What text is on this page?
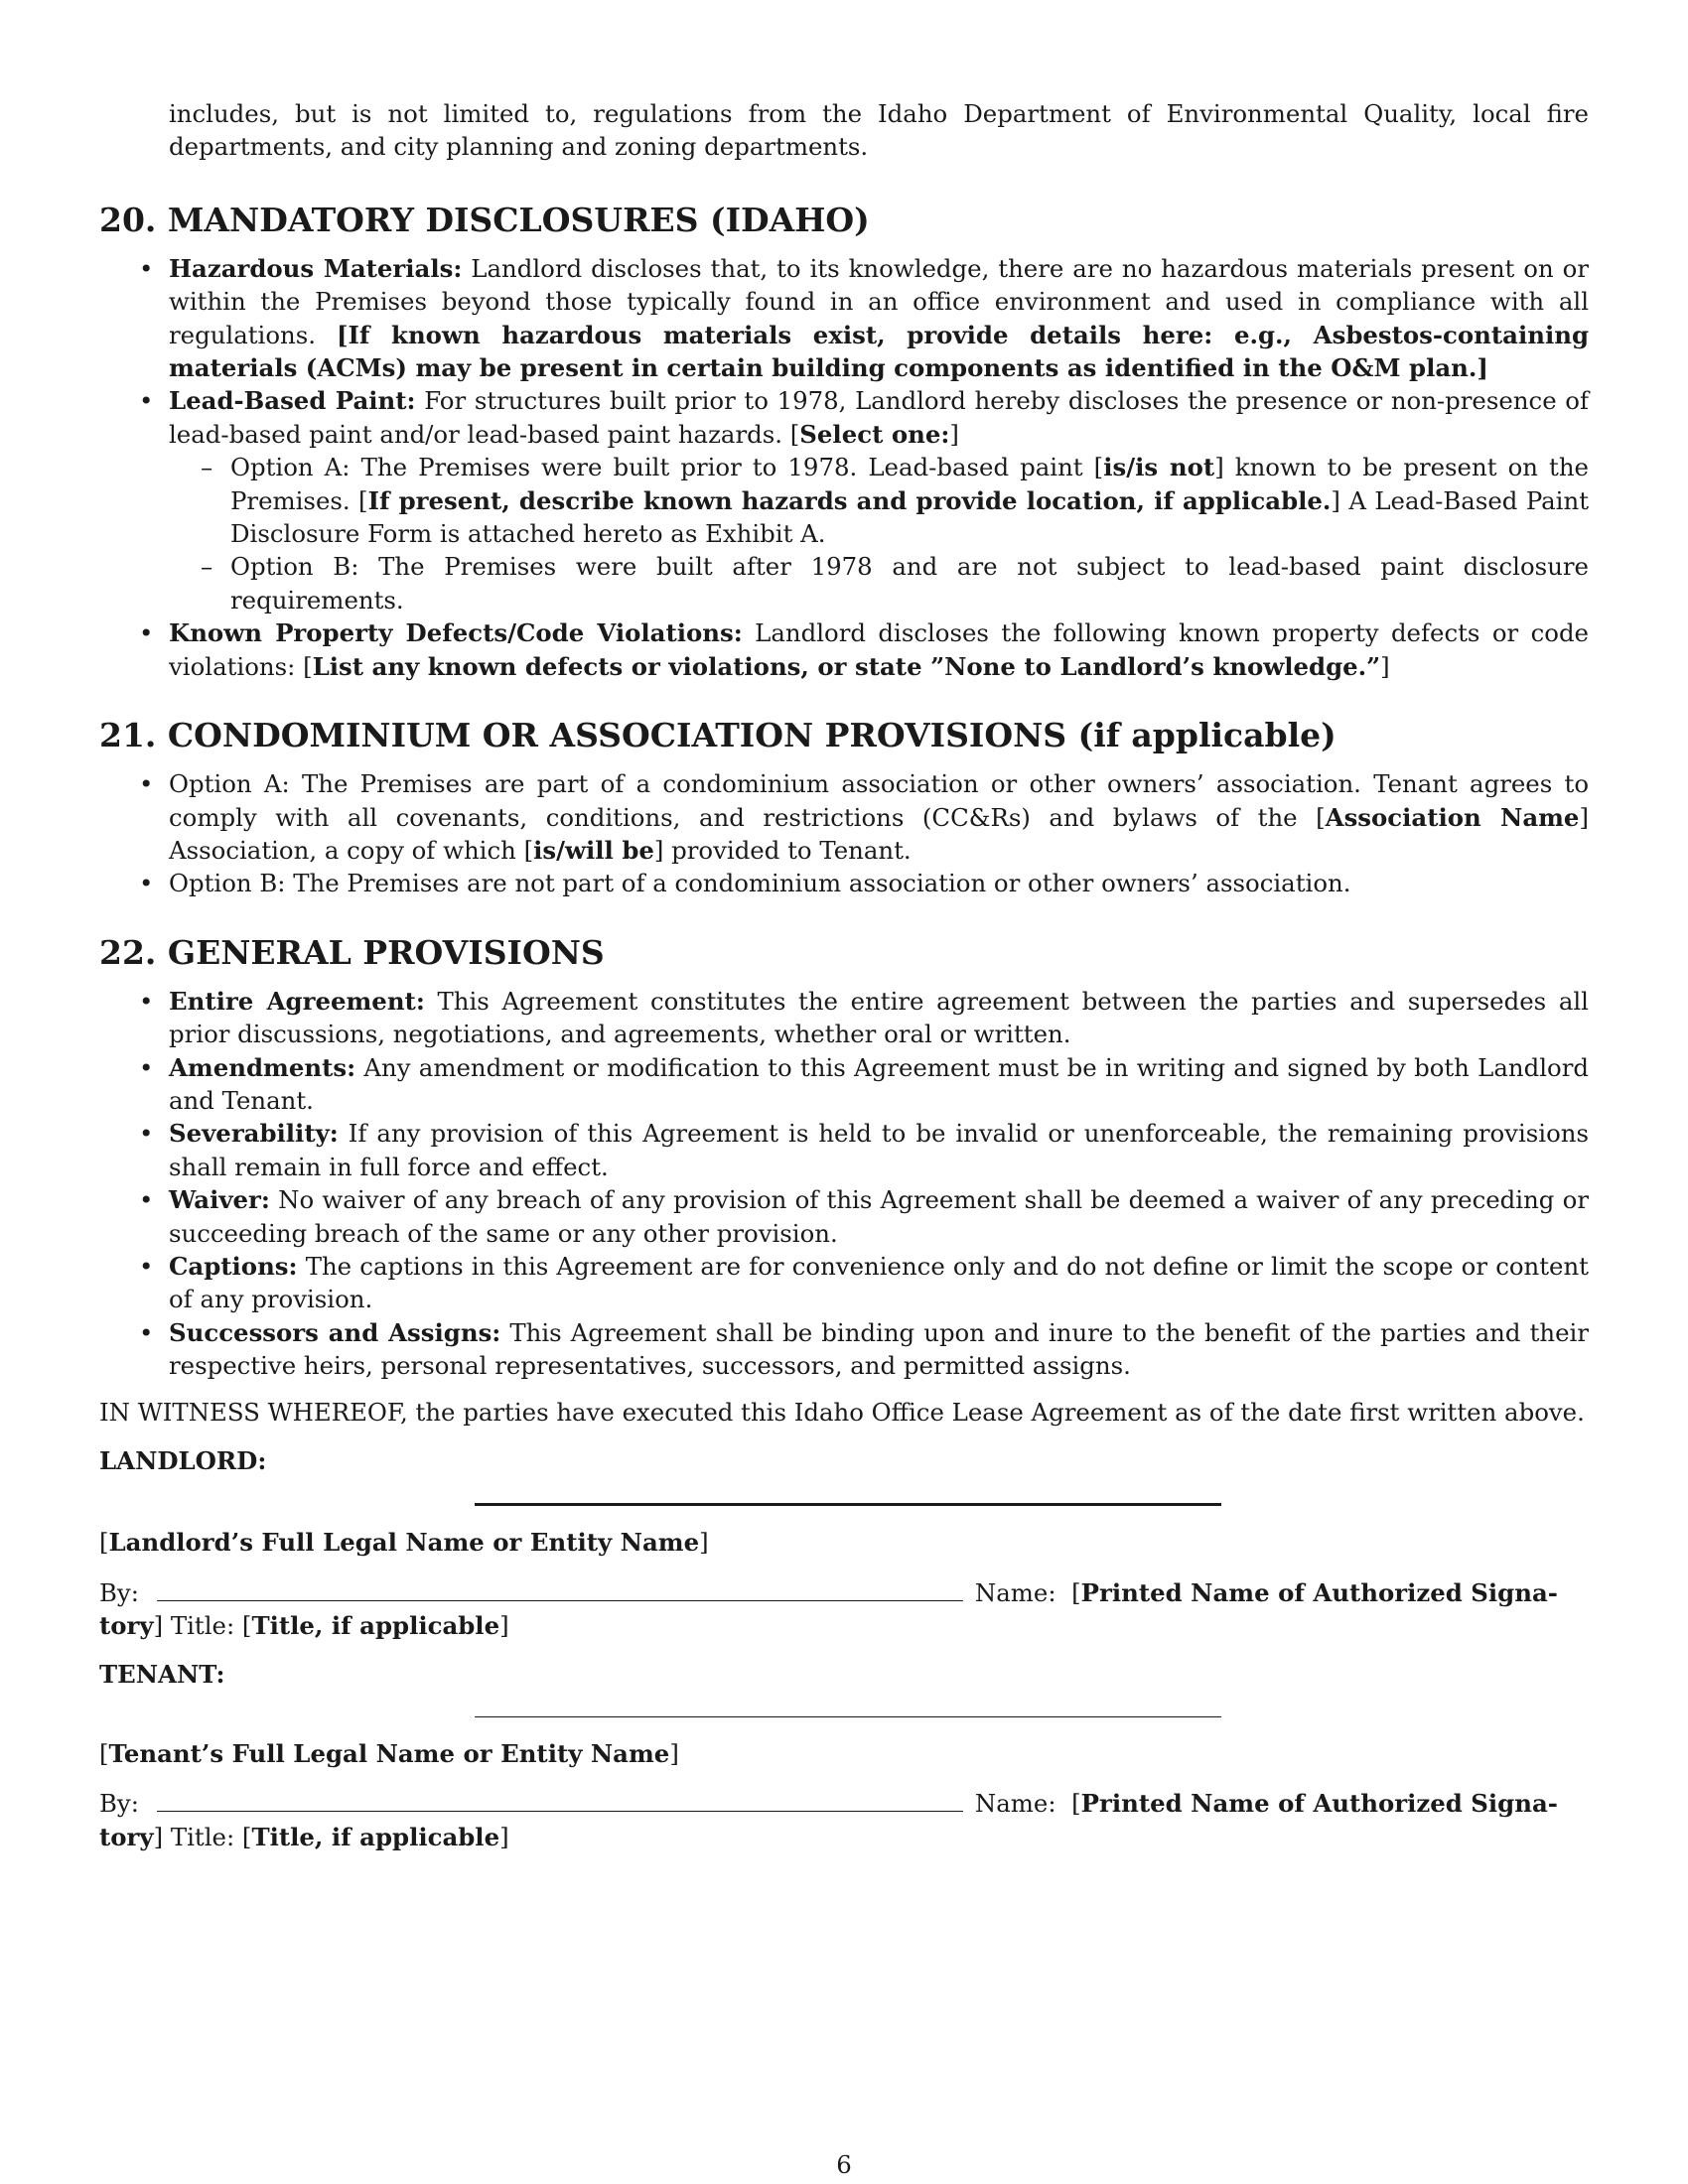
includes, but is not limited to, regulations from the Idaho Department of Environmental Quality, local fire departments, and city planning and zoning departments.

20. MANDATORY DISCLOSURES (IDAHO)
• Hazardous Materials: Landlord discloses that, to its knowledge, there are no hazardous materials present on or within the Premises beyond those typically found in an office environment and used in compliance with all regulations. [If known hazardous materials exist, provide details here: e.g., Asbestos-containing materials (ACMs) may be present in certain building components as identified in the O&M plan.]
• Lead-Based Paint: For structures built prior to 1978, Landlord hereby discloses the presence or non-presence of lead-based paint and/or lead-based paint hazards. [Select one:]
– Option A: The Premises were built prior to 1978. Lead-based paint [is/is not] known to be present on the Premises. [If present, describe known hazards and provide location, if applicable.] A Lead-Based Paint Disclosure Form is attached hereto as Exhibit A.
– Option B: The Premises were built after 1978 and are not subject to lead-based paint disclosure requirements.
• Known Property Defects/Code Violations: Landlord discloses the following known property defects or code violations: [List any known defects or violations, or state ”None to Landlord’s knowledge.”]
21. CONDOMINIUM OR ASSOCIATION PROVISIONS (if applicable)
• Option A: The Premises are part of a condominium association or other owners’ association. Tenant agrees to comply with all covenants, conditions, and restrictions (CC&Rs) and bylaws of the [Association Name] Association, a copy of which [is/will be] provided to Tenant.
• Option B: The Premises are not part of a condominium association or other owners’ association.
22. GENERAL PROVISIONS
• Entire Agreement: This Agreement constitutes the entire agreement between the parties and supersedes all prior discussions, negotiations, and agreements, whether oral or written.
• Amendments: Any amendment or modification to this Agreement must be in writing and signed by both Landlord and Tenant.
• Severability: If any provision of this Agreement is held to be invalid or unenforceable, the remaining provisions shall remain in full force and effect.
• Waiver: No waiver of any breach of any provision of this Agreement shall be deemed a waiver of any preceding or succeeding breach of the same or any other provision.
• Captions: The captions in this Agreement are for convenience only and do not define or limit the scope or content of any provision.
• Successors and Assigns: This Agreement shall be binding upon and inure to the benefit of the parties and their respective heirs, personal representatives, successors, and permitted assigns.

IN WITNESS WHEREOF, the parties have executed this Idaho Office Lease Agreement as of the date first written above.

LANDLORD:

[Landlord’s Full Legal Name or Entity Name]

By:	Name: [Printed Name of Authorized Signa-
tory] Title: [Title, if applicable]

TENANT:

[Tenant’s Full Legal Name or Entity Name]

By:	Name: [Printed Name of Authorized Signa-
tory] Title: [Title, if applicable]

6
